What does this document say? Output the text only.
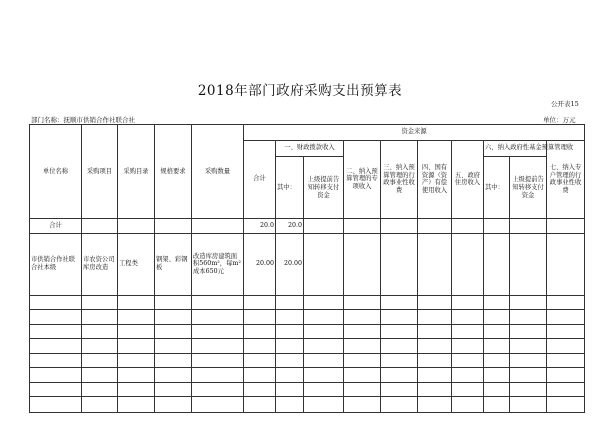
2018年部门政府采购支出预算表
公开表15
部门名称：抚顺市供销合作社联合社	单位：万元
单位名称	采购项目	采购目录	规格要求	采购数量	资金来源									
					合计	一、财政拨款收入		二、纳入预算管理的专项收入	三、纳入预算管理的行政事业性收费	四、国有资源（资产）有偿使用收入	五、政府住房收入	六、纳入政府性基金预算管理收		七、纳入专户管理的行政事业性收费
						其中：	上级提前告知转移支付资金					其中：	上级提前告知转移支付资金	

合计					20.0	20.0								
市供销合作社联合社本级	市农资公司库房改造	工程类	钢架、彩钢板	改造库房建筑面积560m²，每m²成本650元	20.00	20.00								
